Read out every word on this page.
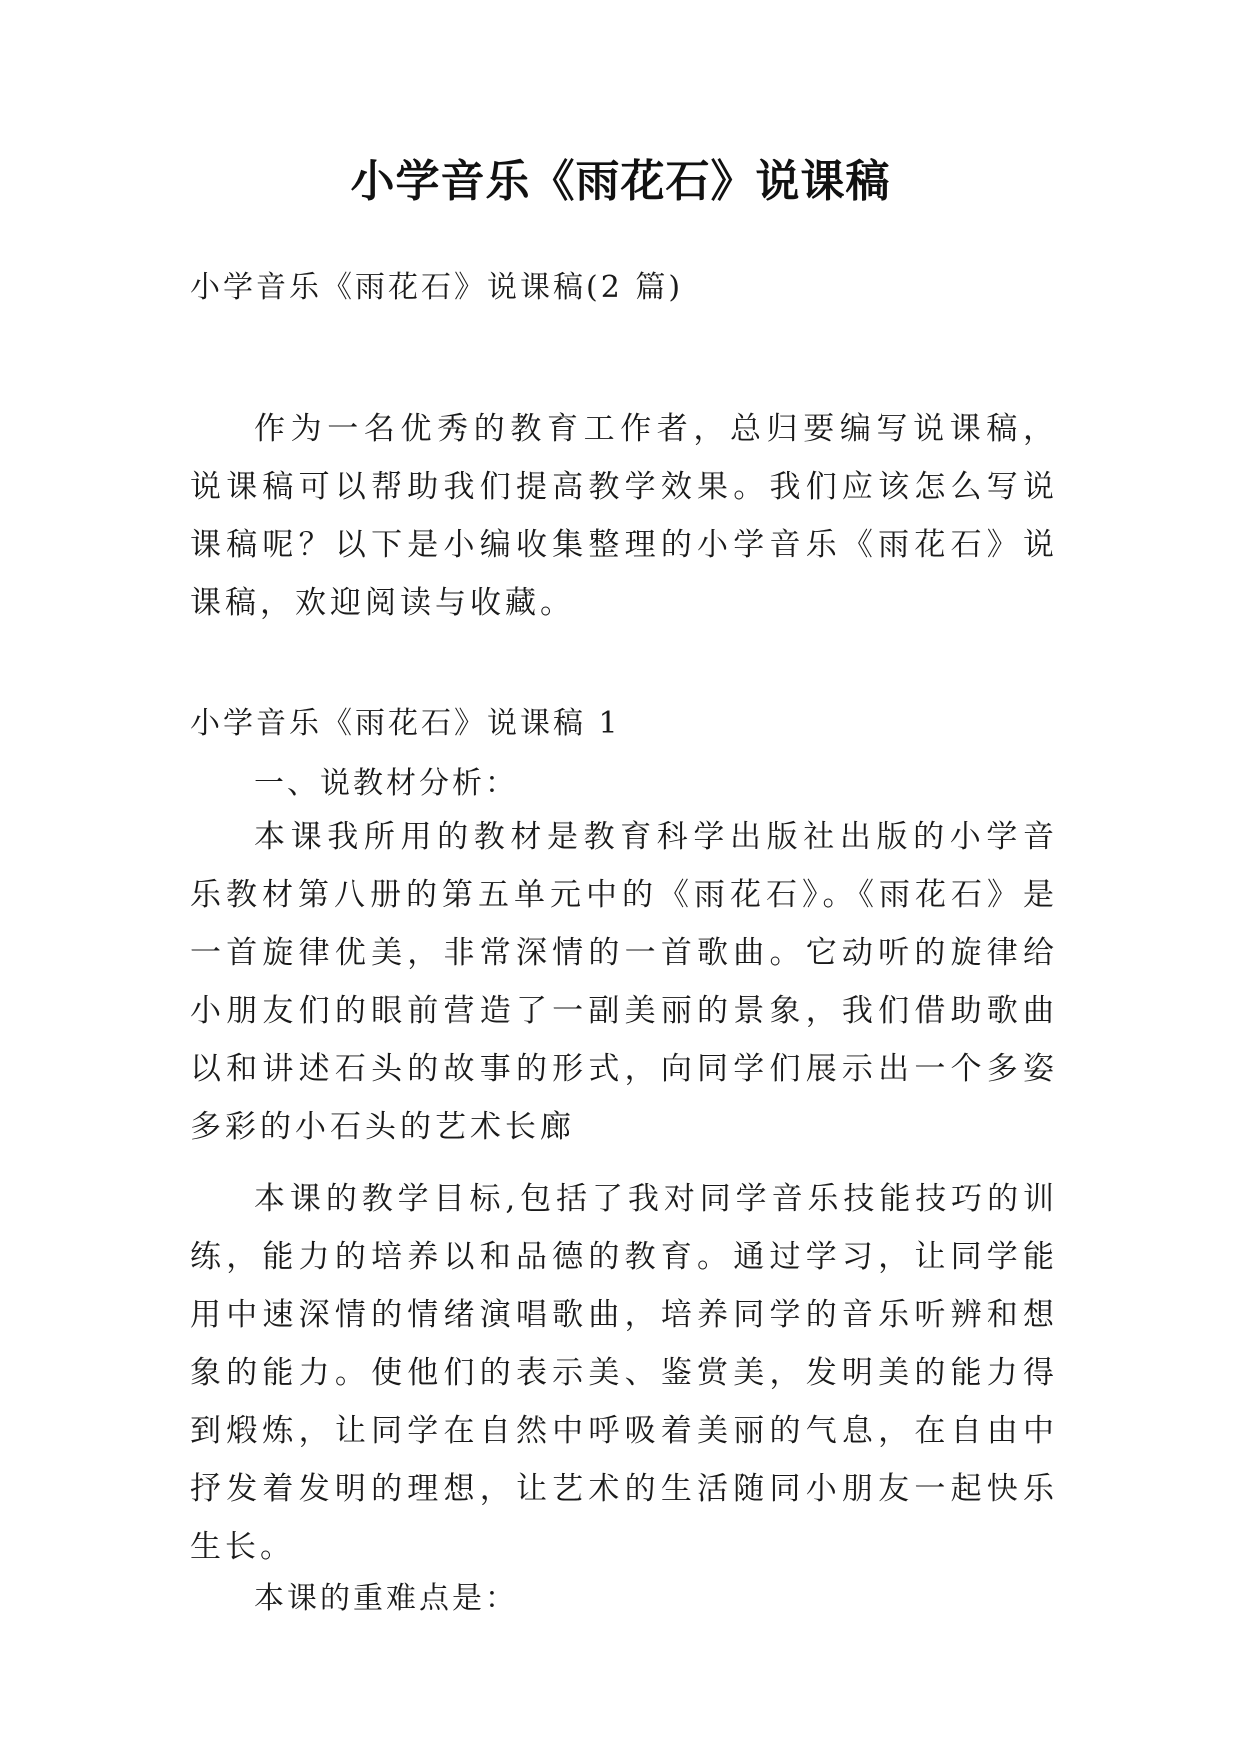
小学音乐《雨花石》说课稿
小学音乐《雨花石》说课稿(2 篇)

作为一名优秀的教育工作者，总归要编写说课稿，说课稿可以帮助我们提高教学效果。我们应该怎么写说课稿呢？以下是小编收集整理的小学音乐《雨花石》说课稿，欢迎阅读与收藏。

小学音乐《雨花石》说课稿 1
一、说教材分析：

本课我所用的教材是教育科学出版社出版的小学音乐教材第八册的第五单元中的《雨花石》。《雨花石》是一首旋律优美，非常深情的一首歌曲。它动听的旋律给小朋友们的眼前营造了一副美丽的景象，我们借助歌曲以和讲述石头的故事的形式，向同学们展示出一个多姿多彩的小石头的艺术长廊

本课的教学目标,包括了我对同学音乐技能技巧的训练，能力的培养以和品德的教育。通过学习，让同学能用中速深情的情绪演唱歌曲，培养同学的音乐听辨和想象的能力。使他们的表示美、鉴赏美，发明美的能力得到煅炼，让同学在自然中呼吸着美丽的气息，在自由中抒发着发明的理想，让艺术的生活随同小朋友一起快乐生长。

本课的重难点是：
